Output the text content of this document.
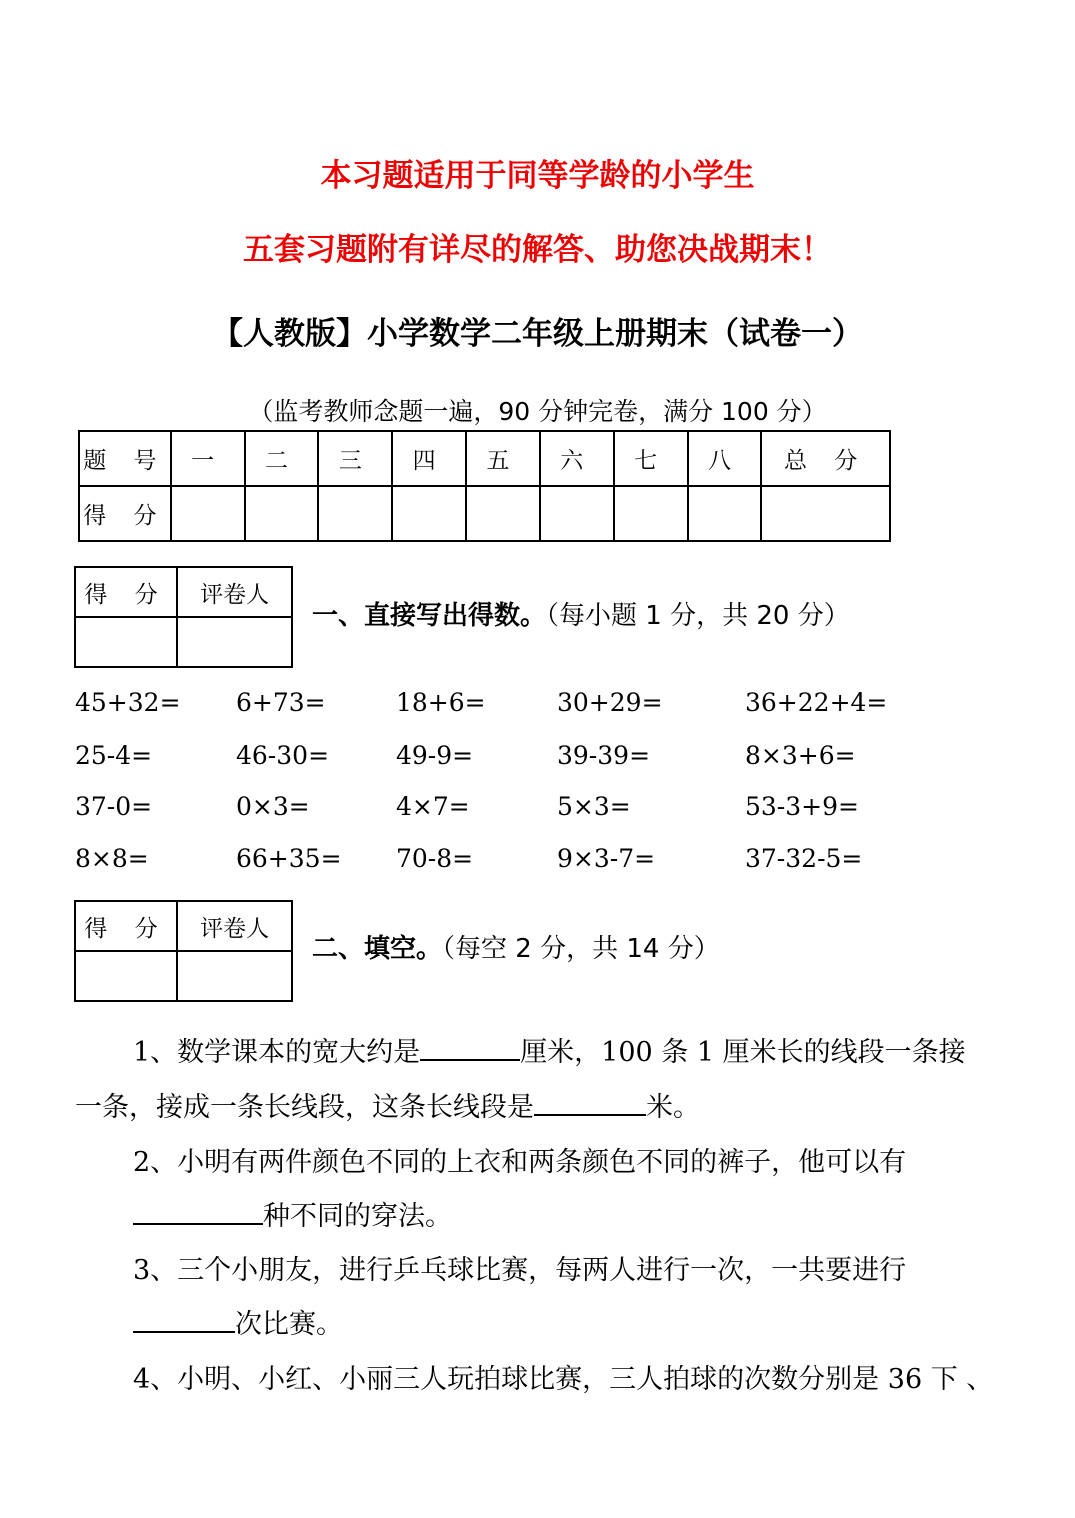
本习题适用于同等学龄的小学生
五套习题附有详尽的解答、助您决战期末！
【人教版】小学数学二年级上册期末（试卷一）
（监考教师念题一遍，90 分钟完卷，满分 100 分）
题 号	一	二	三	四	五	六	七	八	总 分
得 分									
得 分	评卷人

一、直接写出得数。（每小题 1 分，共 20 分）
45+32= 6+73=	18+6=	30+29=	36+22+4=
25-4=	46-30=	49-9=	39-39=	8×3+6=
37-0=	0×3=	4×7=	5×3=	53-3+9=
8×8=	66+35= 70-8=	9×3-7=	37-32-5=
得 分	评卷人

二、填空。（每空 2 分，共 14 分）
1、数学课本的宽大约是	厘米，100 条 1 厘米长的线段一条接
一条，接成一条长线段，这条长线段是	米。
2、小明有两件颜色不同的上衣和两条颜色不同的裤子，他可以有
种不同的穿法。
3、三个小朋友，进行乒乓球比赛，每两人进行一次，一共要进行
次比赛。
4、小明、小红、小丽三人玩拍球比赛，三人拍球的次数分别是 36 下 、
